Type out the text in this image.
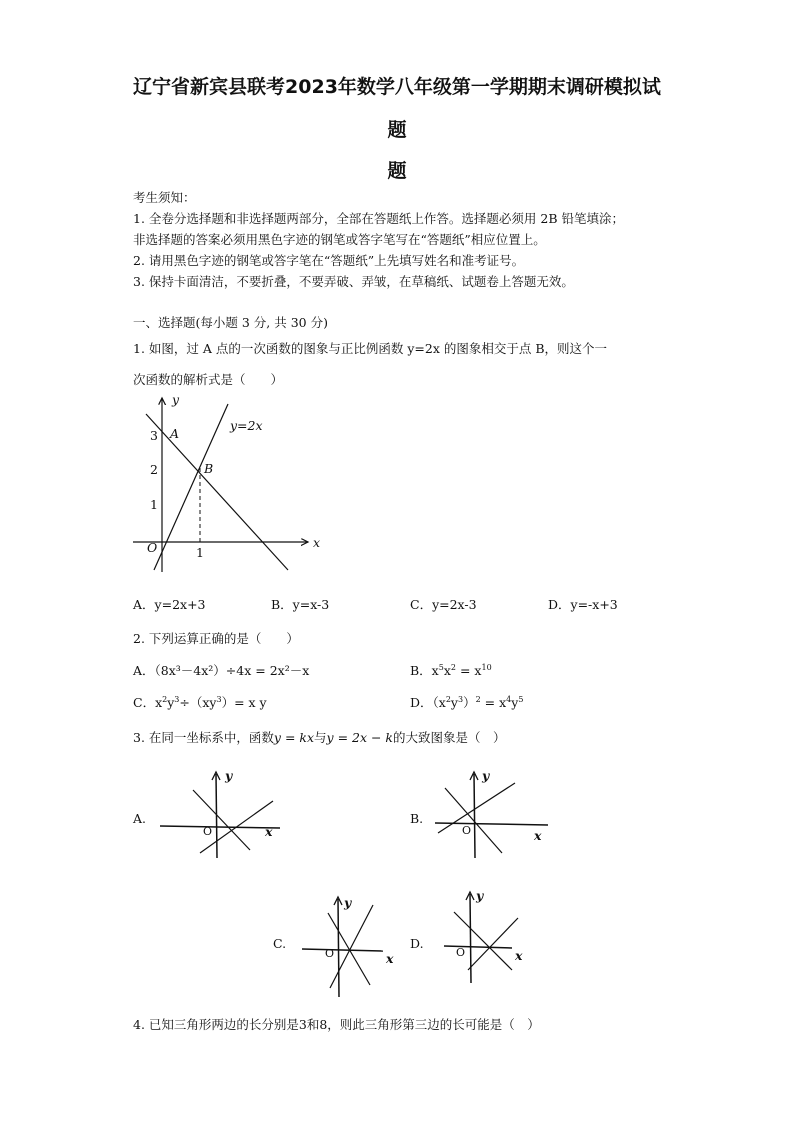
辽宁省新宾县联考2023年数学八年级第一学期期末调研模拟试
题
题
考生须知：
1. 全卷分选择题和非选择题两部分，全部在答题纸上作答。选择题必须用 2B 铅笔填涂；
非选择题的答案必须用黑色字迹的钢笔或答字笔写在“答题纸”相应位置上。
2. 请用黑色字迹的钢笔或答字笔在“答题纸”上先填写姓名和准考证号。
3. 保持卡面清洁，不要折叠，不要弄破、弄皱，在草稿纸、试题卷上答题无效。
一、选择题(每小题 3 分, 共 30 分)
1. 如图，过 A 点的一次函数的图象与正比例函数 y=2x 的图象相交于点 B，则这个一
次函数的解析式是（　　）
y
y=2x
A
3
B
2
1
O	1
x
A．y=2x+3	B．y=x-3	C．y=2x-3	D．y=-x+3
2. 下列运算正确的是（　　）
A．（8x³－4x²）÷4x = 2x²－x	B．$x^5x^2 = x^{10}$
C．$x^2y^3\div(xy^3)= x$ y	D．$(x^2y^3)^2 = x^4y^5$
3. 在同一坐标系中，函数y = kx与y = 2x − k的大致图象是（　）
A.
y
O	x
B.
y
O	x
C.
y
O	x
D.
y
O	x
4. 已知三角形两边的长分别是3和8，则此三角形第三边的长可能是（　）
